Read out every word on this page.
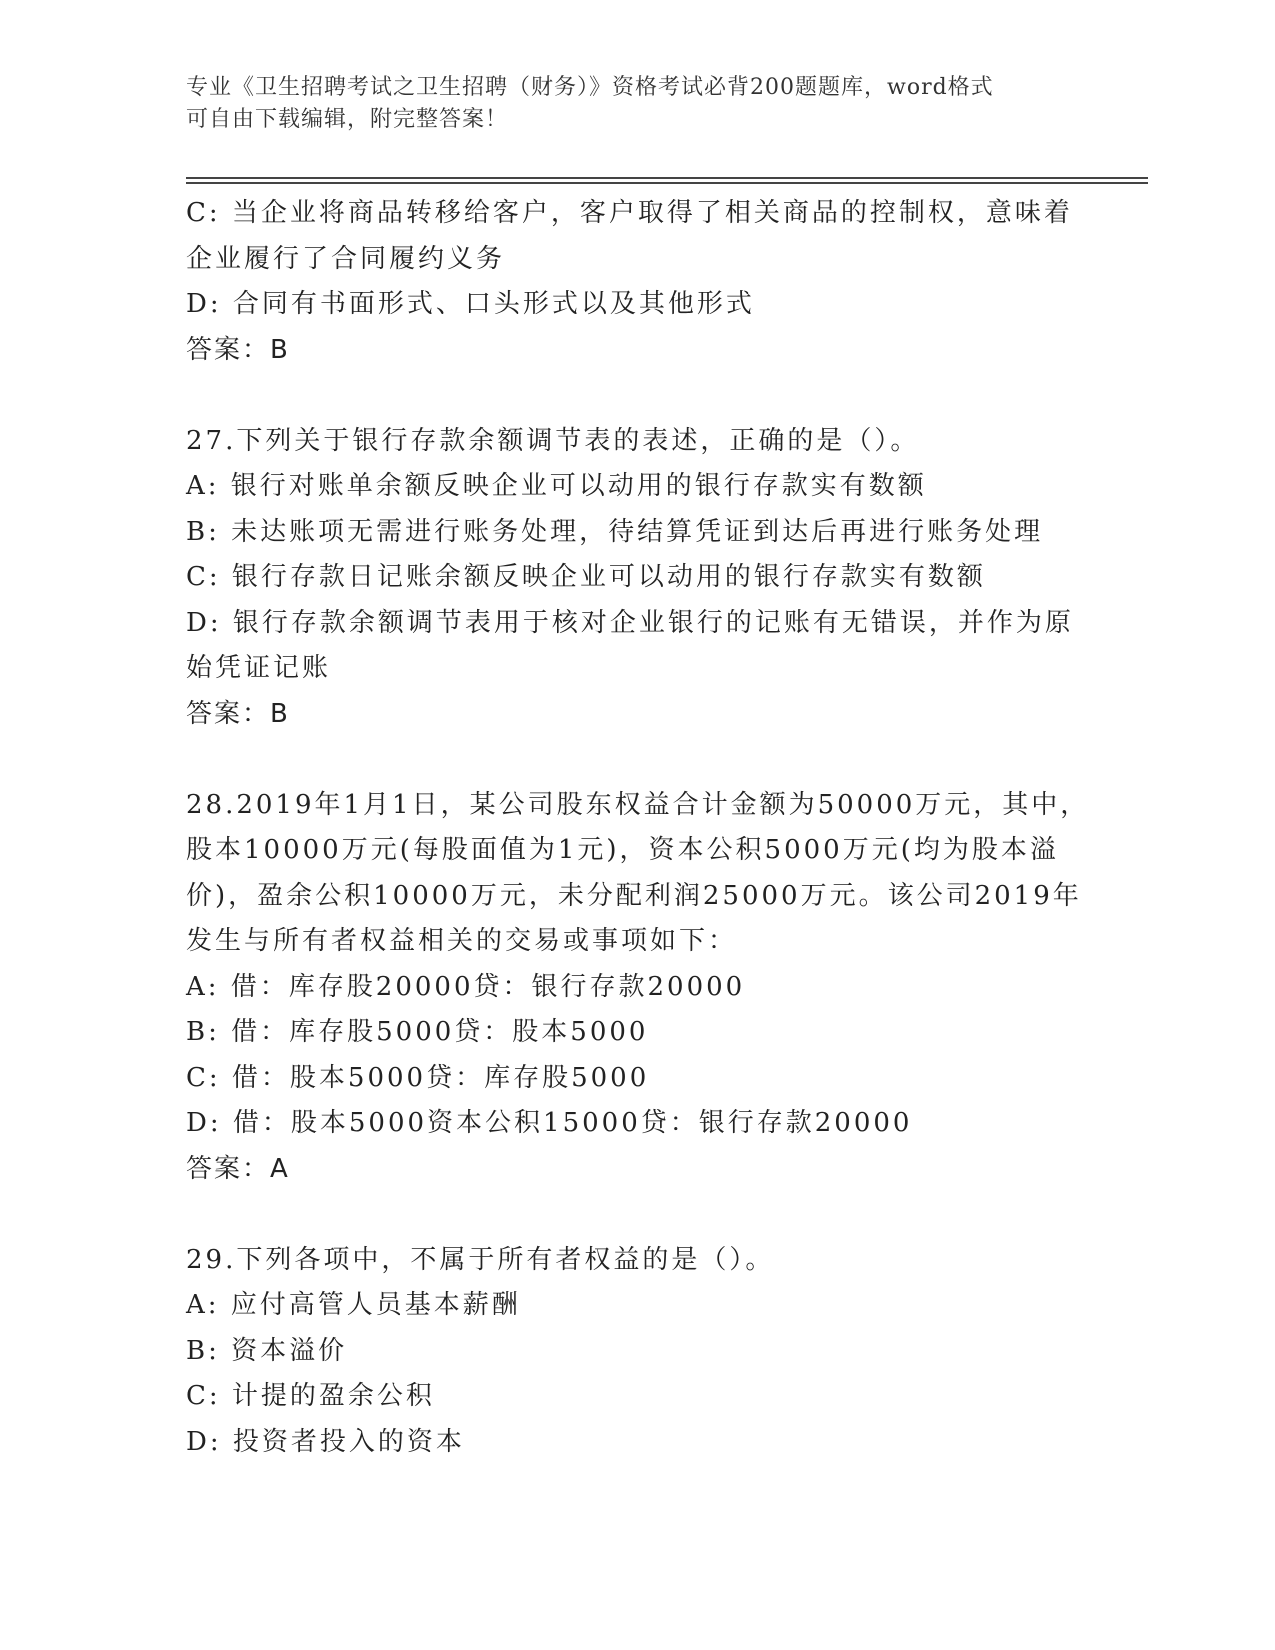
专业《卫生招聘考试之卫生招聘（财务）》资格考试必背200题题库，word格式
可自由下载编辑，附完整答案！
C: 当企业将商品转移给客户，客户取得了相关商品的控制权，意味着
企业履行了合同履约义务
D: 合同有书面形式、口头形式以及其他形式
答案：B
27.下列关于银行存款余额调节表的表述，正确的是（）。
A: 银行对账单余额反映企业可以动用的银行存款实有数额
B: 未达账项无需进行账务处理，待结算凭证到达后再进行账务处理
C: 银行存款日记账余额反映企业可以动用的银行存款实有数额
D: 银行存款余额调节表用于核对企业银行的记账有无错误，并作为原
始凭证记账
答案：B
28.2019年1月1日，某公司股东权益合计金额为50000万元，其中，
股本10000万元(每股面值为1元)，资本公积5000万元(均为股本溢
价)，盈余公积10000万元，未分配利润25000万元。该公司2019年
发生与所有者权益相关的交易或事项如下：
A: 借：库存股20000贷：银行存款20000
B: 借：库存股5000贷：股本5000
C: 借：股本5000贷：库存股5000
D: 借：股本5000资本公积15000贷：银行存款20000
答案：A
29.下列各项中，不属于所有者权益的是（）。
A: 应付高管人员基本薪酬
B: 资本溢价
C: 计提的盈余公积
D: 投资者投入的资本
